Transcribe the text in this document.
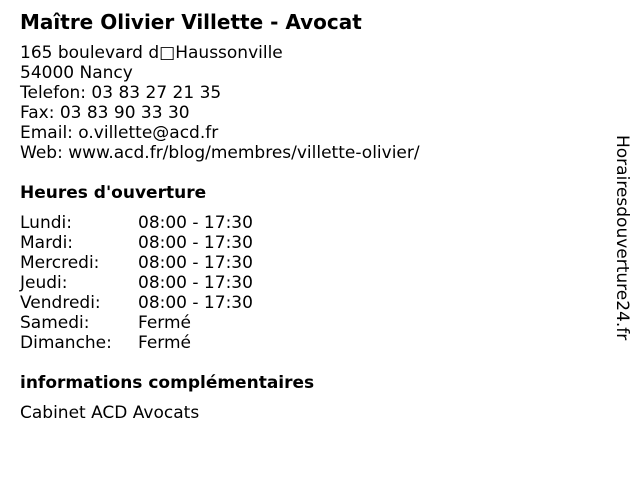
Maître Olivier Villette - Avocat
165 boulevard d□Haussonville
54000 Nancy
Telefon: 03 83 27 21 35
Fax: 03 83 90 33 30
Email: o.villette@acd.fr
Web: www.acd.fr/blog/membres/villette-olivier/
Heures d'ouverture
Lundi:	08:00 - 17:30
Mardi:	08:00 - 17:30
Mercredi: 08:00 - 17:30
Jeudi:	08:00 - 17:30
Vendredi: 08:00 - 17:30
Samedi:	Fermé
Dimanche: Fermé
informations complémentaires
Cabinet ACD Avocats
Horairesdouverture24.fr
